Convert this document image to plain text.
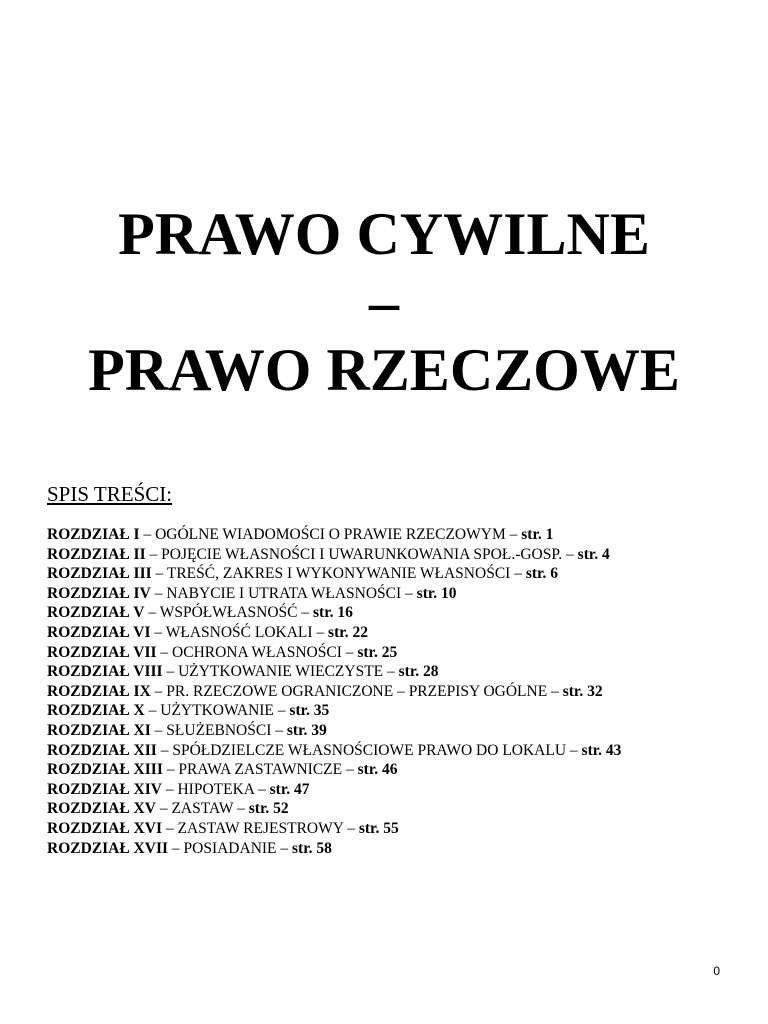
PRAWO CYWILNE

–

PRAWO RZECZOWE

SPIS TREŚCI:

ROZDZIAŁ I – OGÓLNE WIADOMOŚCI O PRAWIE RZECZOWYM – str. 1
ROZDZIAŁ II – POJĘCIE WŁASNOŚCI I UWARUNKOWANIA SPOŁ.-GOSP. – str. 4
ROZDZIAŁ III – TREŚĆ, ZAKRES I WYKONYWANIE WŁASNOŚCI – str. 6
ROZDZIAŁ IV – NABYCIE I UTRATA WŁASNOŚCI – str. 10
ROZDZIAŁ V – WSPÓŁWŁASNOŚĆ – str. 16
ROZDZIAŁ VI – WŁASNOŚĆ LOKALI – str. 22
ROZDZIAŁ VII – OCHRONA WŁASNOŚCI – str. 25
ROZDZIAŁ VIII – UŻYTKOWANIE WIECZYSTE – str. 28
ROZDZIAŁ IX – PR. RZECZOWE OGRANICZONE – PRZEPISY OGÓLNE – str. 32
ROZDZIAŁ X – UŻYTKOWANIE – str. 35
ROZDZIAŁ XI – SŁUŻEBNOŚCI – str. 39
ROZDZIAŁ XII – SPÓŁDZIELCZE WŁASNOŚCIOWE PRAWO DO LOKALU – str. 43
ROZDZIAŁ XIII – PRAWA ZASTAWNICZE – str. 46
ROZDZIAŁ XIV – HIPOTEKA – str. 47
ROZDZIAŁ XV – ZASTAW – str. 52
ROZDZIAŁ XVI – ZASTAW REJESTROWY – str. 55
ROZDZIAŁ XVII – POSIADANIE – str. 58
0
